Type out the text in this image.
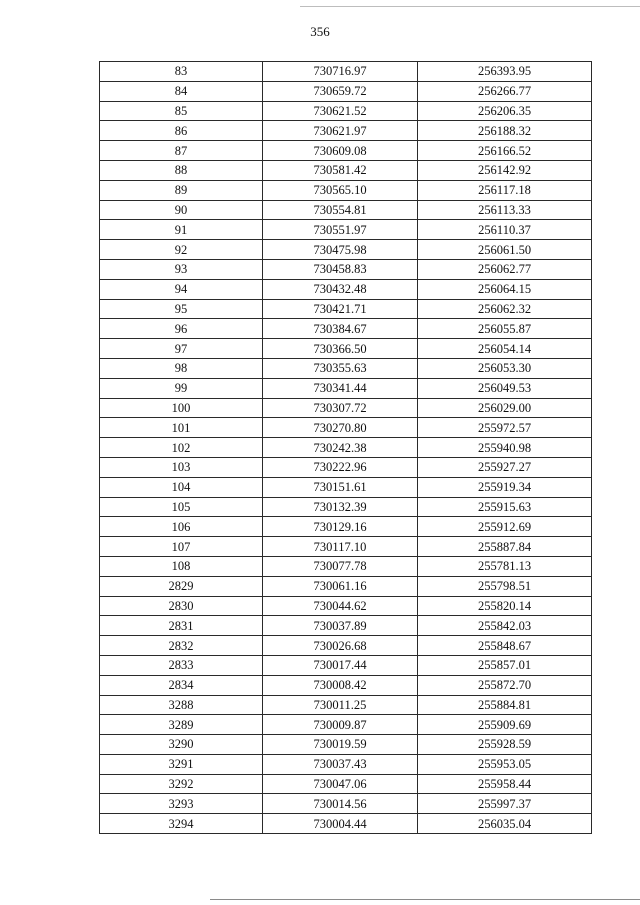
356
83	730716.97	256393.95
84	730659.72	256266.77
85	730621.52	256206.35
86	730621.97	256188.32
87	730609.08	256166.52
88	730581.42	256142.92
89	730565.10	256117.18
90	730554.81	256113.33
91	730551.97	256110.37
92	730475.98	256061.50
93	730458.83	256062.77
94	730432.48	256064.15
95	730421.71	256062.32
96	730384.67	256055.87
97	730366.50	256054.14
98	730355.63	256053.30
99	730341.44	256049.53
100	730307.72	256029.00
101	730270.80	255972.57
102	730242.38	255940.98
103	730222.96	255927.27
104	730151.61	255919.34
105	730132.39	255915.63
106	730129.16	255912.69
107	730117.10	255887.84
108	730077.78	255781.13
2829	730061.16	255798.51
2830	730044.62	255820.14
2831	730037.89	255842.03
2832	730026.68	255848.67
2833	730017.44	255857.01
2834	730008.42	255872.70
3288	730011.25	255884.81
3289	730009.87	255909.69
3290	730019.59	255928.59
3291	730037.43	255953.05
3292	730047.06	255958.44
3293	730014.56	255997.37
3294	730004.44	256035.04
